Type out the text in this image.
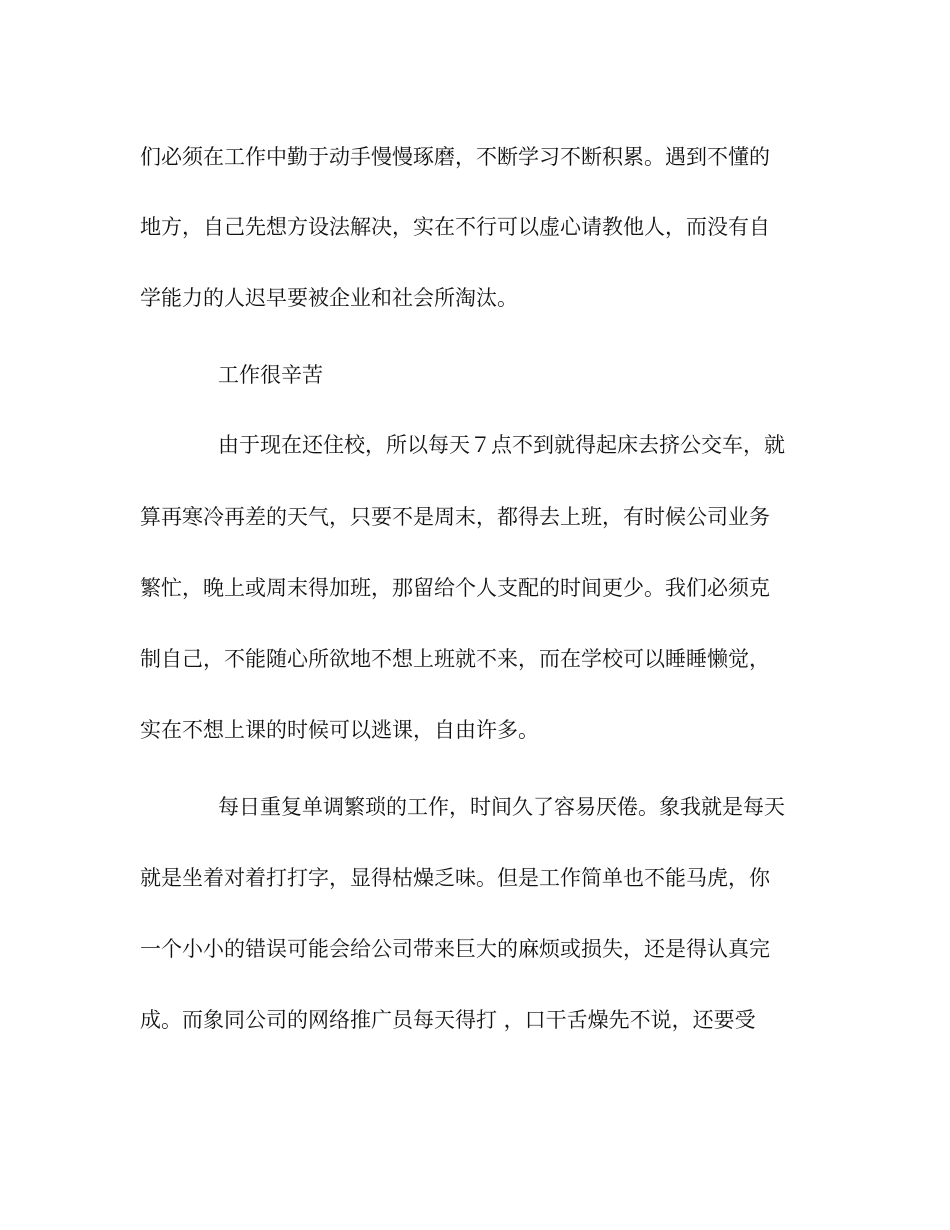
们必须在工作中勤于动手慢慢琢磨，不断学习不断积累。遇到不懂的

地方，自己先想方设法解决，实在不行可以虚心请教他人，而没有自

学能力的人迟早要被企业和社会所淘汰。

工作很辛苦

由于现在还住校，所以每天７点不到就得起床去挤公交车，就

算再寒冷再差的天气，只要不是周末，都得去上班，有时候公司业务

繁忙，晚上或周末得加班，那留给个人支配的时间更少。我们必须克

制自己，不能随心所欲地不想上班就不来，而在学校可以睡睡懒觉，

实在不想上课的时候可以逃课，自由许多。

每日重复单调繁琐的工作，时间久了容易厌倦。象我就是每天

就是坐着对着打打字，显得枯燥乏味。但是工作简单也不能马虎，你

一个小小的错误可能会给公司带来巨大的麻烦或损失，还是得认真完

成。而象同公司的网络推广员每天得打 ，口干舌燥先不说，还要受
